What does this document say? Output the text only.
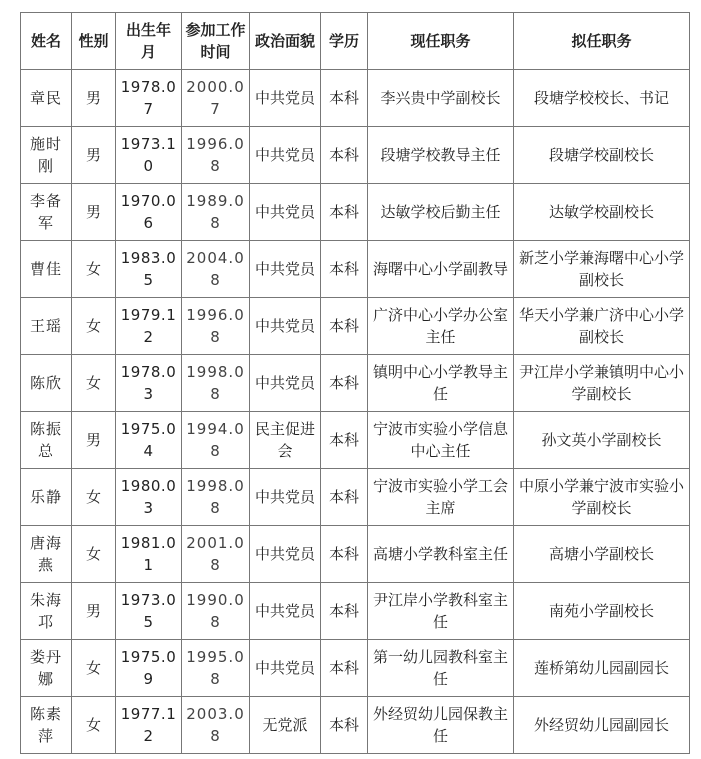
姓名	性别	出生年月	参加工作时间	政治面貌	学历	现任职务	拟任职务
章民	男	1978.07	2000.07	中共党员	本科	李兴贵中学副校长	段塘学校校长、书记
施时刚	男	1973.10	1996.08	中共党员	本科	段塘学校教导主任	段塘学校副校长
李备军	男	1970.06	1989.08	中共党员	本科	达敏学校后勤主任	达敏学校副校长
曹佳	女	1983.05	2004.08	中共党员	本科	海曙中心小学副教导	新芝小学兼海曙中心小学副校长
王瑶	女	1979.12	1996.08	中共党员	本科	广济中心小学办公室主任	华天小学兼广济中心小学副校长
陈欣	女	1978.03	1998.08	中共党员	本科	镇明中心小学教导主任	尹江岸小学兼镇明中心小学副校长
陈振总	男	1975.04	1994.08	民主促进会	本科	宁波市实验小学信息中心主任	孙文英小学副校长
乐静	女	1980.03	1998.08	中共党员	本科	宁波市实验小学工会主席	中原小学兼宁波市实验小学副校长
唐海燕	女	1981.01	2001.08	中共党员	本科	高塘小学教科室主任	高塘小学副校长
朱海邛	男	1973.05	1990.08	中共党员	本科	尹江岸小学教科室主任	南苑小学副校长
娄丹娜	女	1975.09	1995.08	中共党员	本科	第一幼儿园教科室主任	莲桥第幼儿园副园长
陈素萍	女	1977.12	2003.08	无党派	本科	外经贸幼儿园保教主任	外经贸幼儿园副园长
